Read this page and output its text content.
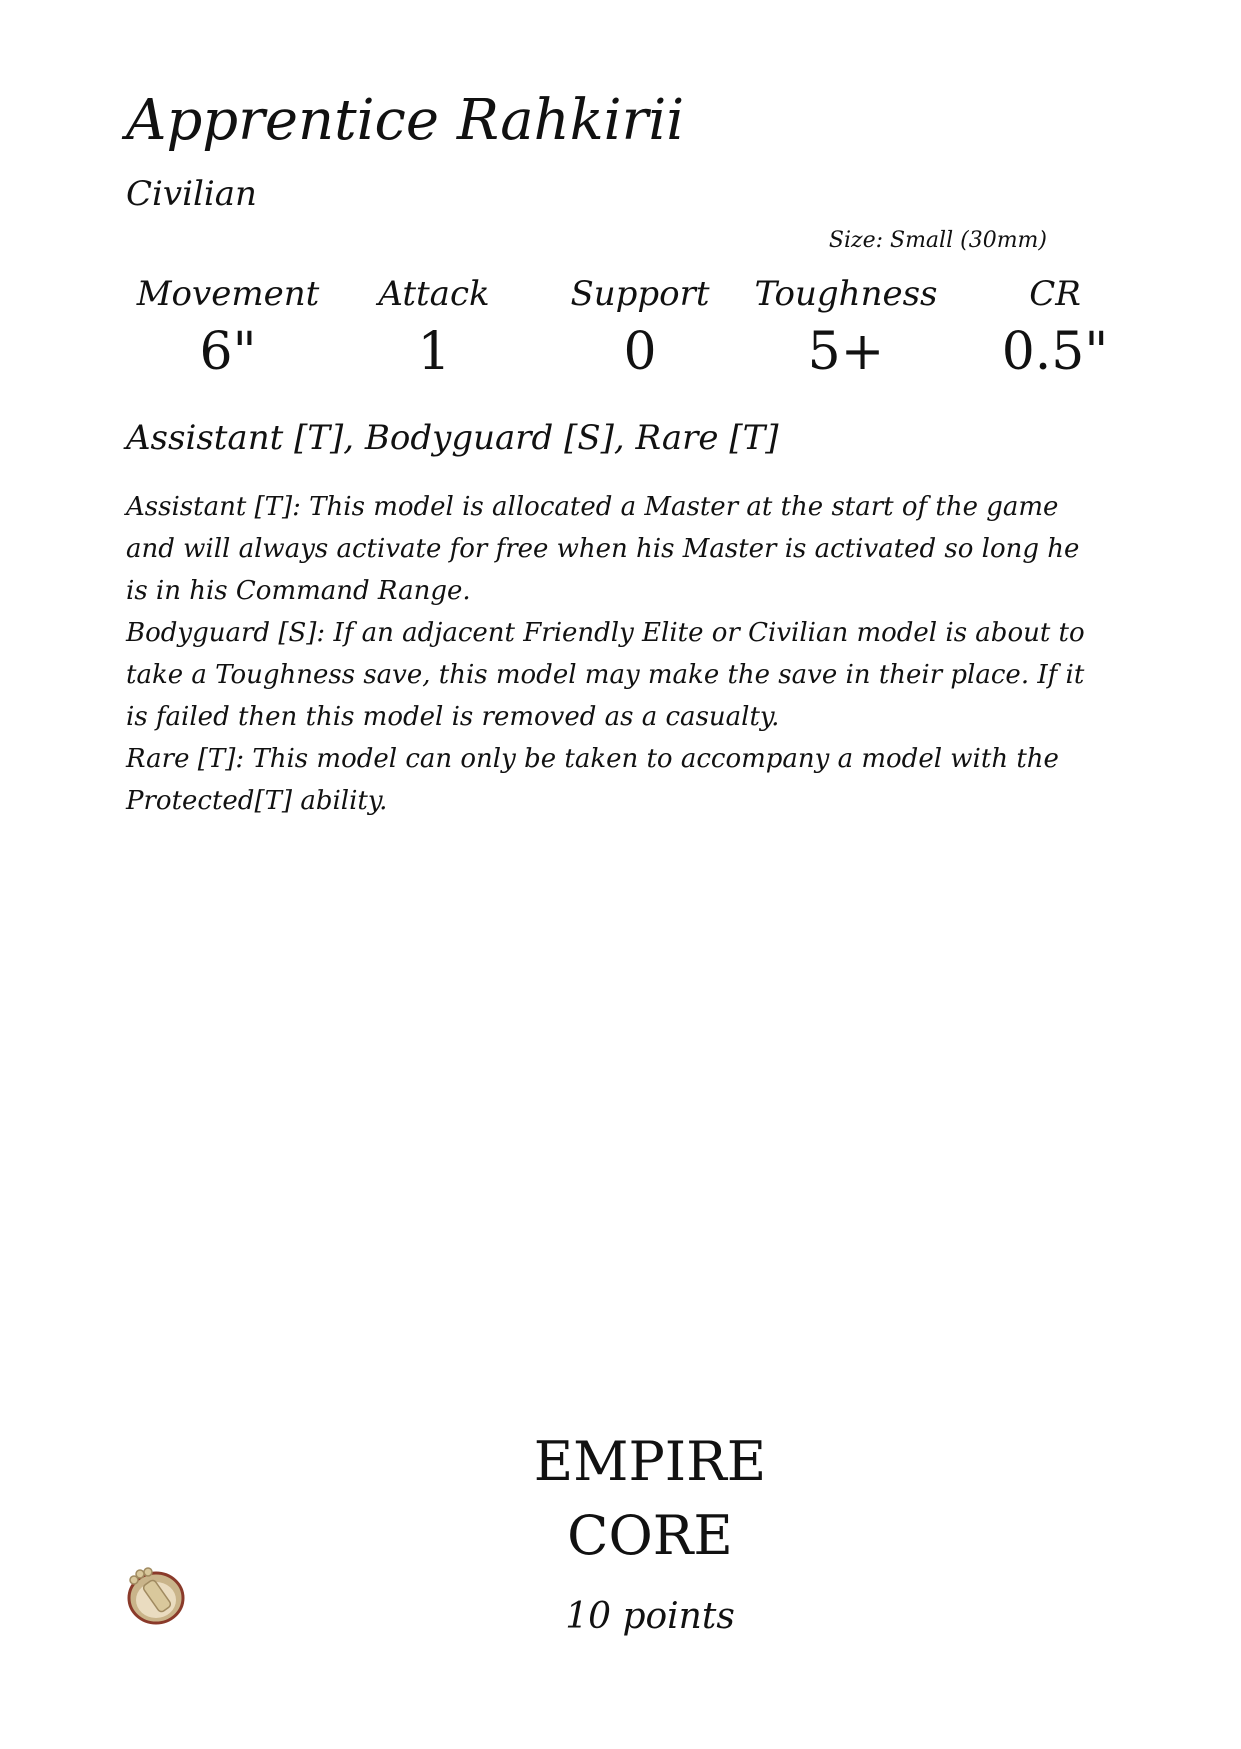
Apprentice Rahkirii
Civilian
Size: Small (30mm)
Movement
6"
Attack
1
Support
0
Toughness
5+
CR
0.5"
Assistant [T], Bodyguard [S], Rare [T]

Assistant [T]: This model is allocated a Master at the start of the game and will always activate for free when his Master is activated so long he is in his Command Range.

Bodyguard [S]: If an adjacent Friendly Elite or Civilian model is about to take a Toughness save, this model may make the save in their place. If it is failed then this model is removed as a casualty.

Rare [T]: This model can only be taken to accompany a model with the Protected[T] ability.

EMPIRE
CORE
10 points
